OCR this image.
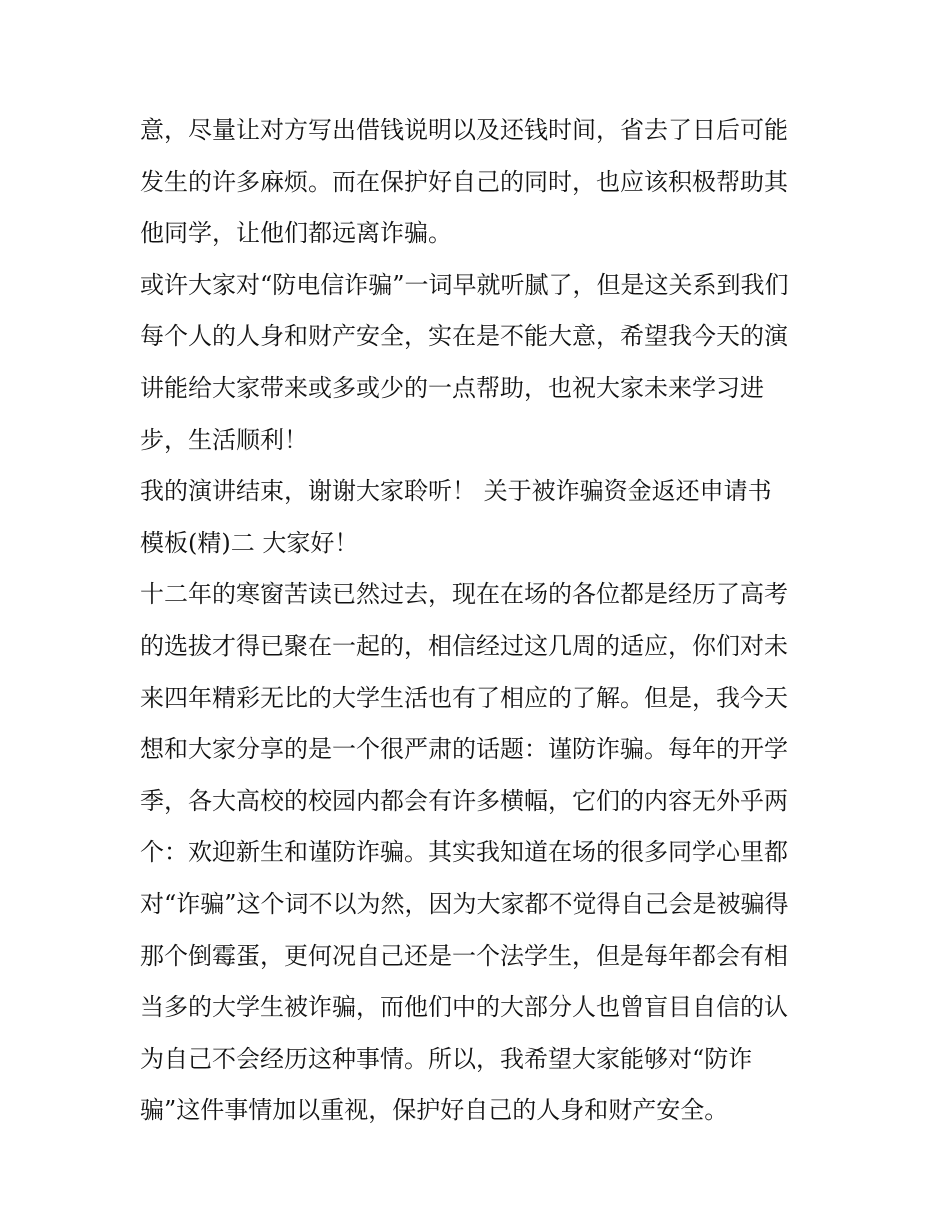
意，尽量让对方写出借钱说明以及还钱时间，省去了日后可能
发生的许多麻烦。而在保护好自己的同时，也应该积极帮助其
他同学，让他们都远离诈骗。
或许大家对“防电信诈骗”一词早就听腻了，但是这关系到我们
每个人的人身和财产安全，实在是不能大意，希望我今天的演
讲能给大家带来或多或少的一点帮助，也祝大家未来学习进
步，生活顺利！
我的演讲结束，谢谢大家聆听！ 关于被诈骗资金返还申请书
模板(精)二 大家好！
十二年的寒窗苦读已然过去，现在在场的各位都是经历了高考
的选拔才得已聚在一起的，相信经过这几周的适应，你们对未
来四年精彩无比的大学生活也有了相应的了解。但是，我今天
想和大家分享的是一个很严肃的话题：谨防诈骗。每年的开学
季，各大高校的校园内都会有许多横幅，它们的内容无外乎两
个：欢迎新生和谨防诈骗。其实我知道在场的很多同学心里都
对“诈骗”这个词不以为然，因为大家都不觉得自己会是被骗得
那个倒霉蛋，更何况自己还是一个法学生，但是每年都会有相
当多的大学生被诈骗，而他们中的大部分人也曾盲目自信的认
为自己不会经历这种事情。所以，我希望大家能够对“防诈
骗”这件事情加以重视，保护好自己的人身和财产安全。
